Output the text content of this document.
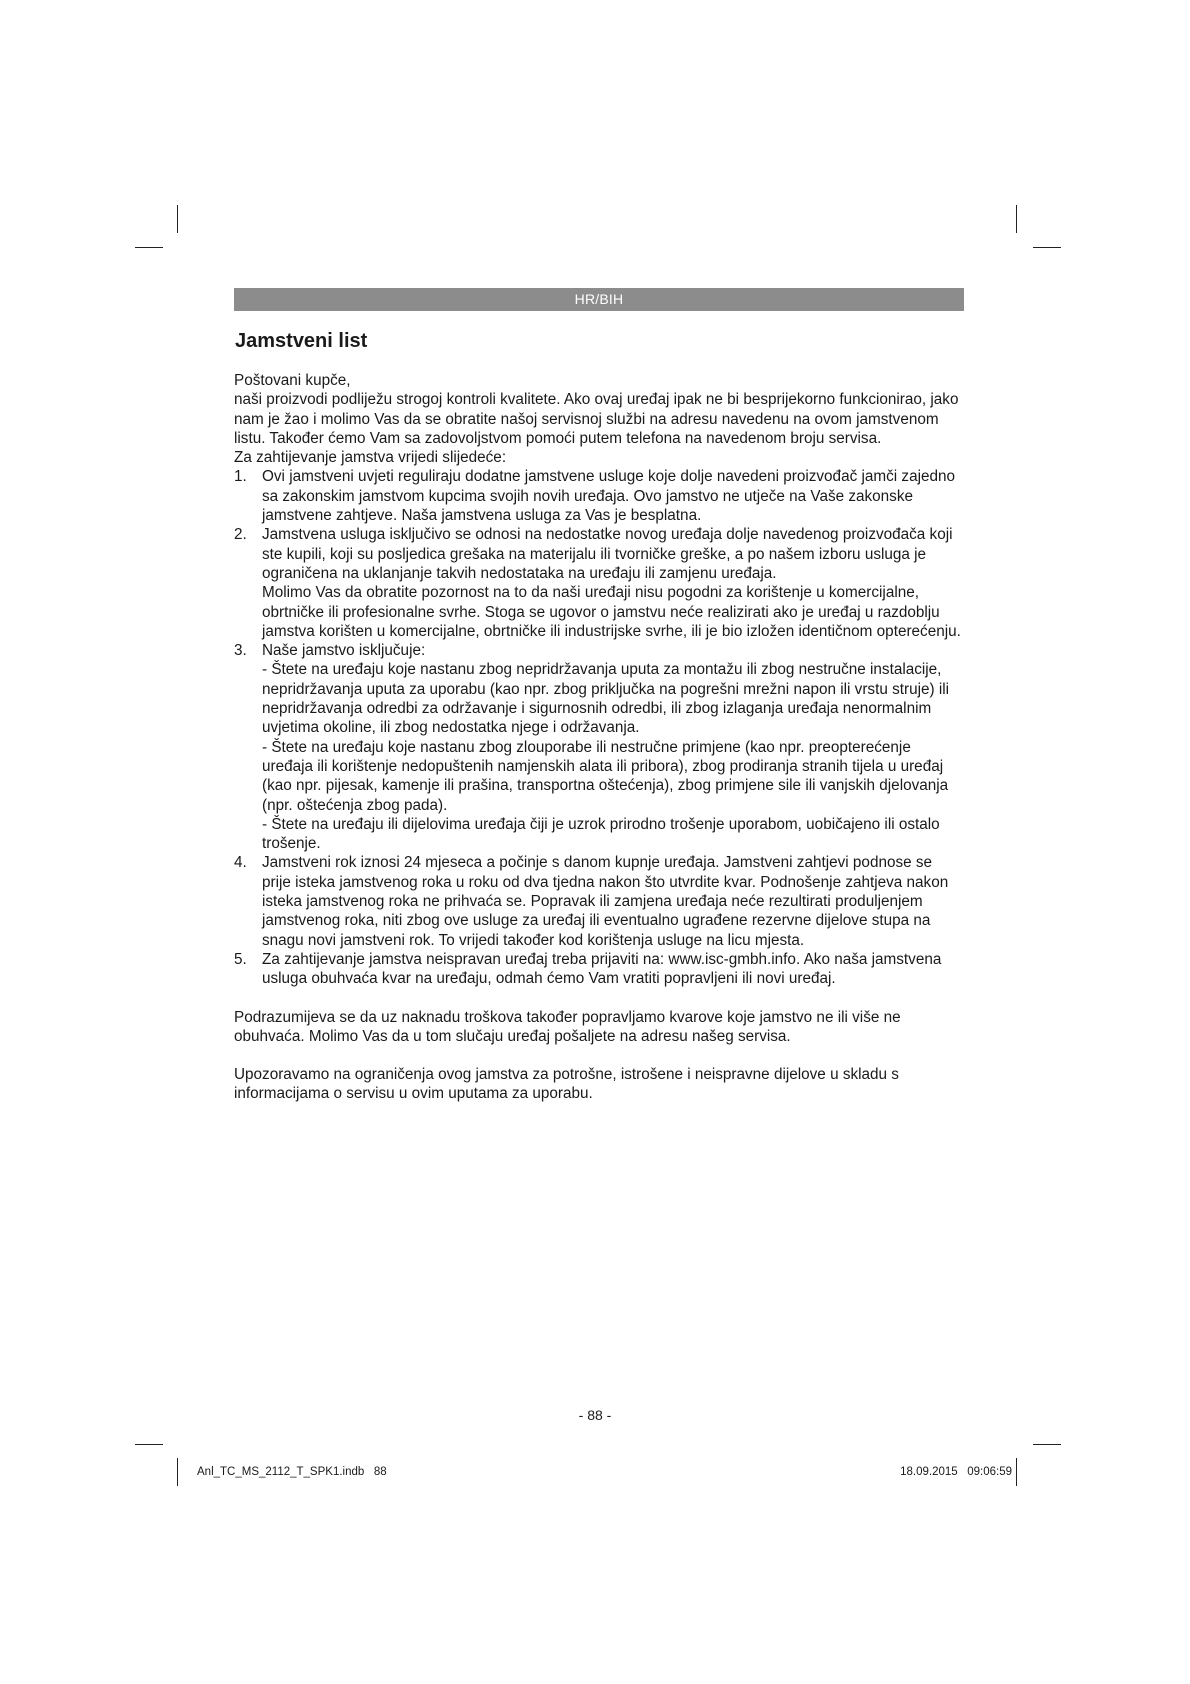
HR/BIH
Jamstveni list

Poštovani kupče,

naši proizvodi podliježu strogoj kontroli kvalitete. Ako ovaj uređaj ipak ne bi besprijekorno funkcionirao, jako nam je žao i molimo Vas da se obratite našoj servisnoj službi na adresu navedenu na ovom jamstvenom listu. Također ćemo Vam sa zadovoljstvom pomoći putem telefona na navedenom broju servisa.

Za zahtijevanje jamstva vrijedi slijedeće:

1. Ovi jamstveni uvjeti reguliraju dodatne jamstvene usluge koje dolje navedeni proizvođač jamči zajedno sa zakonskim jamstvom kupcima svojih novih uređaja. Ovo jamstvo ne utječe na Vaše zakonske jamstvene zahtjeve. Naša jamstvena usluga za Vas je besplatna.

2. Jamstvena usluga isključivo se odnosi na nedostatke novog uređaja dolje navedenog proizvođača koji ste kupili, koji su posljedica grešaka na materijalu ili tvorničke greške, a po našem izboru usluga je ograničena na uklanjanje takvih nedostataka na uređaju ili zamjenu uređaja.

Molimo Vas da obratite pozornost na to da naši uređaji nisu pogodni za korištenje u komercijalne, obrtničke ili profesionalne svrhe. Stoga se ugovor o jamstvu neće realizirati ako je uređaj u razdoblju jamstva korišten u komercijalne, obrtničke ili industrijske svrhe, ili je bio izložen identičnom opterećenju.

3. Naše jamstvo isključuje:

- Štete na uređaju koje nastanu zbog nepridržavanja uputa za montažu ili zbog nestručne instalacije, nepridržavanja uputa za uporabu (kao npr. zbog priključka na pogrešni mrežni napon ili vrstu struje) ili nepridržavanja odredbi za održavanje i sigurnosnih odredbi, ili zbog izlaganja uređaja nenormalnim uvjetima okoline, ili zbog nedostatka njege i održavanja.

- Štete na uređaju koje nastanu zbog zlouporabe ili nestručne primjene (kao npr. preopterećenje uređaja ili korištenje nedopuštenih namjenskih alata ili pribora), zbog prodiranja stranih tijela u uređaj (kao npr. pijesak, kamenje ili prašina, transportna oštećenja), zbog primjene sile ili vanjskih djelovanja (npr. oštećenja zbog pada).

- Štete na uređaju ili dijelovima uređaja čiji je uzrok prirodno trošenje uporabom, uobičajeno ili ostalo trošenje.

4. Jamstveni rok iznosi 24 mjeseca a počinje s danom kupnje uređaja. Jamstveni zahtjevi podnose se prije isteka jamstvenog roka u roku od dva tjedna nakon što utvrdite kvar. Podnošenje zahtjeva nakon isteka jamstvenog roka ne prihvaća se. Popravak ili zamjena uređaja neće rezultirati produljenjem jamstvenog roka, niti zbog ove usluge za uređaj ili eventualno ugrađene rezervne dijelove stupa na snagu novi jamstveni rok. To vrijedi također kod korištenja usluge na licu mjesta.

5. Za zahtijevanje jamstva neispravan uređaj treba prijaviti na: www.isc-gmbh.info. Ako naša jamstvena usluga obuhvaća kvar na uređaju, odmah ćemo Vam vratiti popravljeni ili novi uređaj.

Podrazumijeva se da uz naknadu troškova također popravljamo kvarove koje jamstvo ne ili više ne obuhvaća. Molimo Vas da u tom slučaju uređaj pošaljete na adresu našeg servisa.

Upozoravamo na ograničenja ovog jamstva za potrošne, istrošene i neispravne dijelove u skladu s informacijama o servisu u ovim uputama za uporabu.

- 88 -
Anl_TC_MS_2112_T_SPK1.indb   88	18.09.2015   09:06:59
